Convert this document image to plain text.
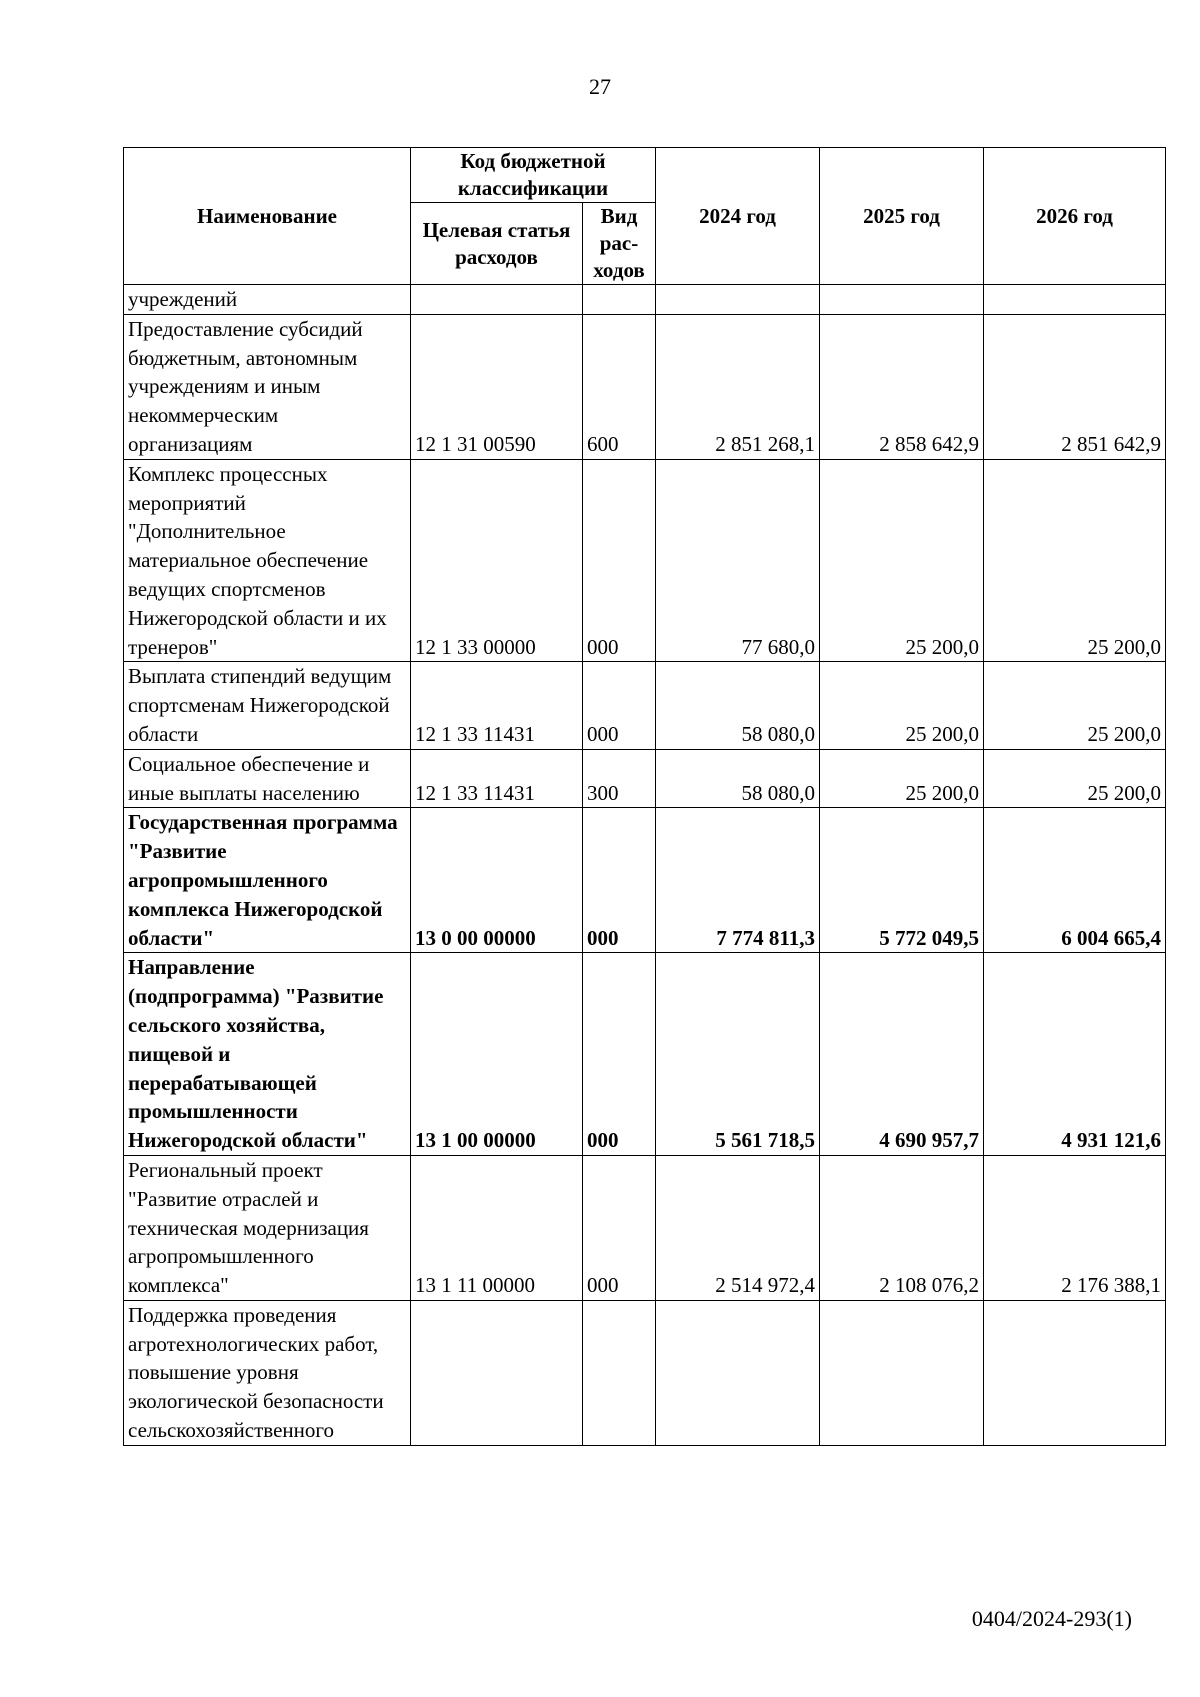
27
Наименование	Код бюджетной классификации		2024 год	2025 год	2026 год
	Целевая статья расходов	Вид рас-ходов			
учреждений					
Предоставление субсидий бюджетным, автономным учреждениям и иным некоммерческим организациям	12 1 31 00590	600	2 851 268,1	2 858 642,9	2 851 642,9
Комплекс процессных мероприятий "Дополнительное материальное обеспечение ведущих спортсменов Нижегородской области и их тренеров"	12 1 33 00000	000	77 680,0	25 200,0	25 200,0
Выплата стипендий ведущим спортсменам Нижегородской области	12 1 33 11431	000	58 080,0	25 200,0	25 200,0
Социальное обеспечение и иные выплаты населению	12 1 33 11431	300	58 080,0	25 200,0	25 200,0
Государственная программа "Развитие агропромышленного комплекса Нижегородской области"	13 0 00 00000	000	7 774 811,3	5 772 049,5	6 004 665,4
Направление (подпрограмма) "Развитие сельского хозяйства, пищевой и перерабатывающей промышленности Нижегородской области"	13 1 00 00000	000	5 561 718,5	4 690 957,7	4 931 121,6
Региональный проект "Развитие отраслей и техническая модернизация агропромышленного комплекса"	13 1 11 00000	000	2 514 972,4	2 108 076,2	2 176 388,1
Поддержка проведения агротехнологических работ, повышение уровня экологической безопасности сельскохозяйственного					
0404/2024-293(1)
